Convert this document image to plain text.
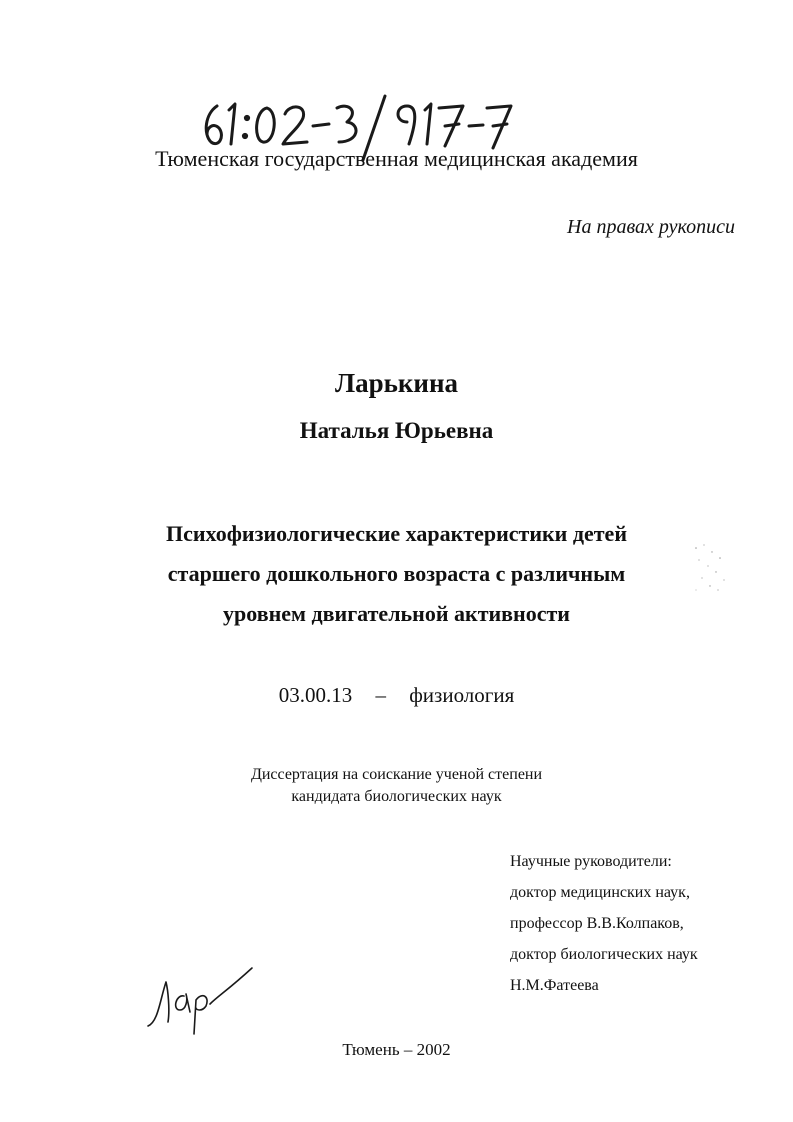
Тюменская государственная медицинская академия
На правах рукописи
Ларькина
Наталья Юрьевна
Психофизиологические характеристики детей
старшего дошкольного возраста с различным
уровнем двигательной активности
03.00.13 – физиология
Диссертация на соискание ученой степени
кандидата биологических наук
Научные руководители:
доктор медицинских наук,
профессор В.В.Колпаков,
доктор биологических наук
Н.М.Фатеева
Тюмень – 2002
